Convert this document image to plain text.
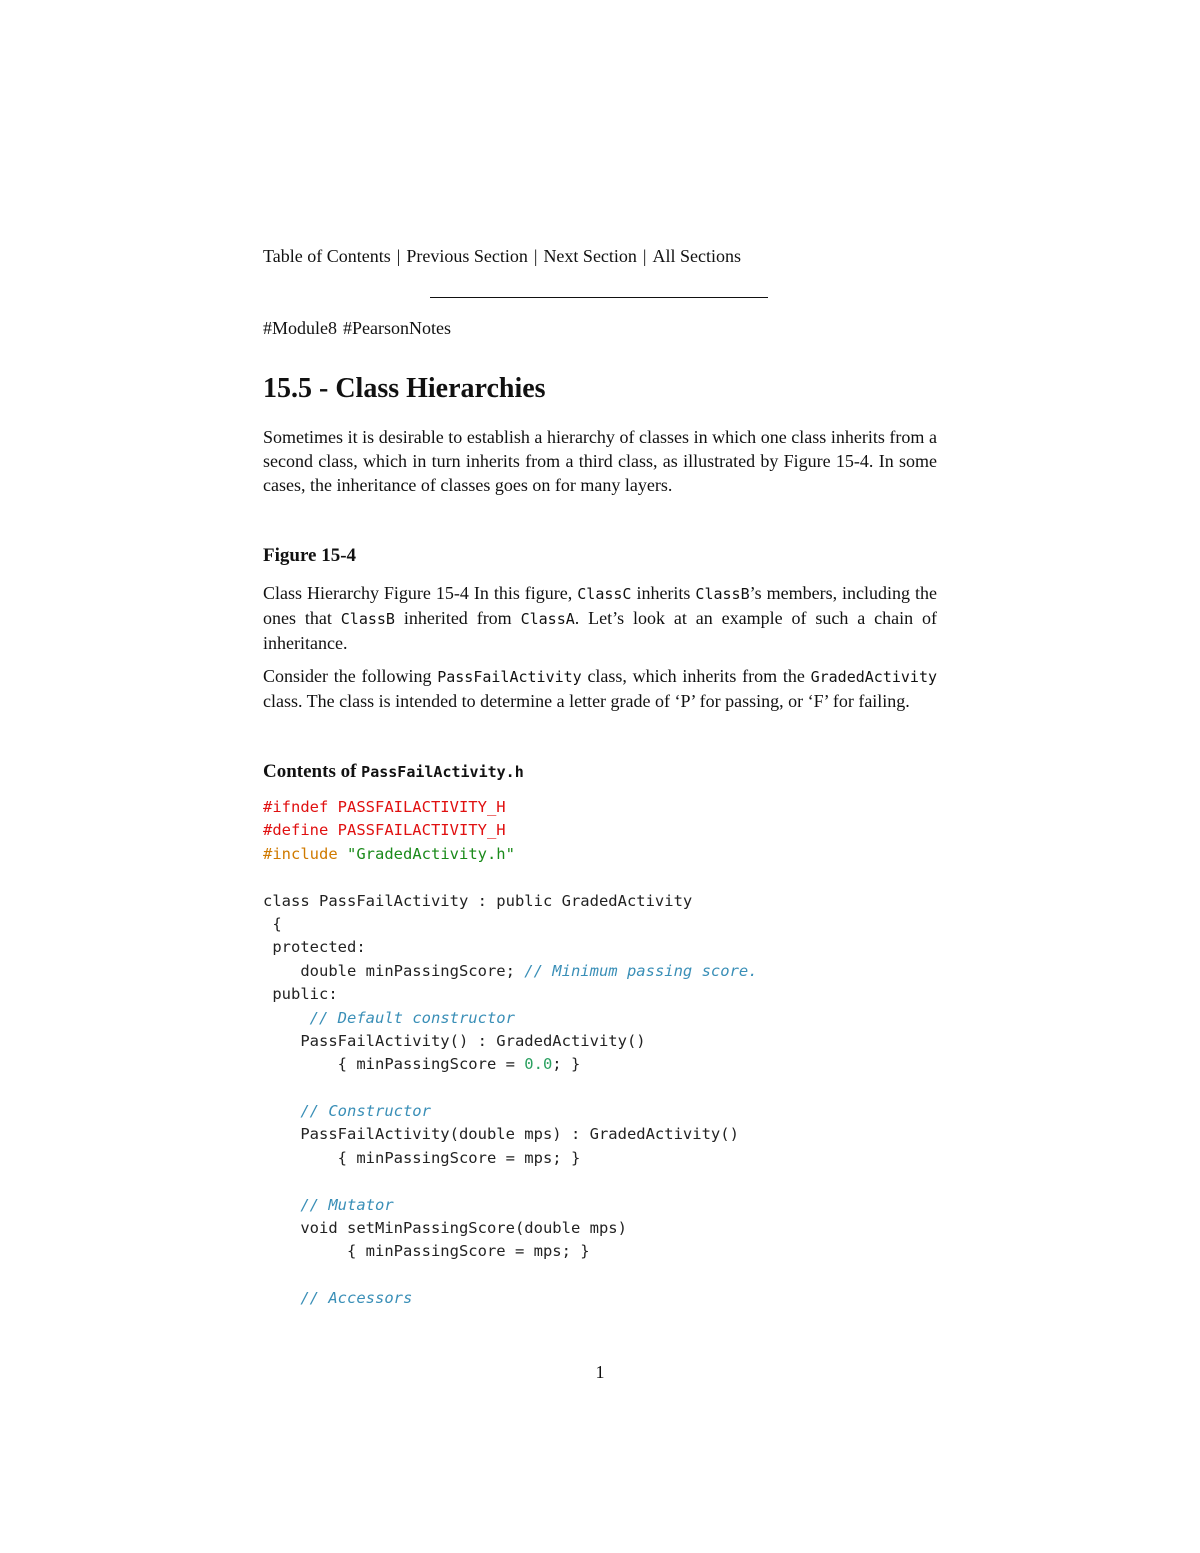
Table of Contents | Previous Section | Next Section | All Sections
#Module8 #PearsonNotes
15.5 - Class Hierarchies

Sometimes it is desirable to establish a hierarchy of classes in which one class inherits from a second class, which in turn inherits from a third class, as illustrated by Figure 15-4. In some cases, the inheritance of classes goes on for many layers.

Figure 15-4

Class Hierarchy Figure 15-4 In this figure, ClassC inherits ClassB’s members, including the ones that ClassB inherited from ClassA. Let’s look at an example of such a chain of inheritance.

Consider the following PassFailActivity class, which inherits from the GradedActivity class. The class is intended to determine a letter grade of ‘P’ for passing, or ‘F’ for failing.

Contents of PassFailActivity.h
#ifndef PASSFAILACTIVITY_H
#define PASSFAILACTIVITY_H
#include "GradedActivity.h"
class PassFailActivity : public GradedActivity
{
protected:
double minPassingScore; // Minimum passing score.
public:
// Default constructor
PassFailActivity() : GradedActivity()
{ minPassingScore = 0.0; }
// Constructor
PassFailActivity(double mps) : GradedActivity()
{ minPassingScore = mps; }
// Mutator
void setMinPassingScore(double mps)
{ minPassingScore = mps; }
// Accessors
1
